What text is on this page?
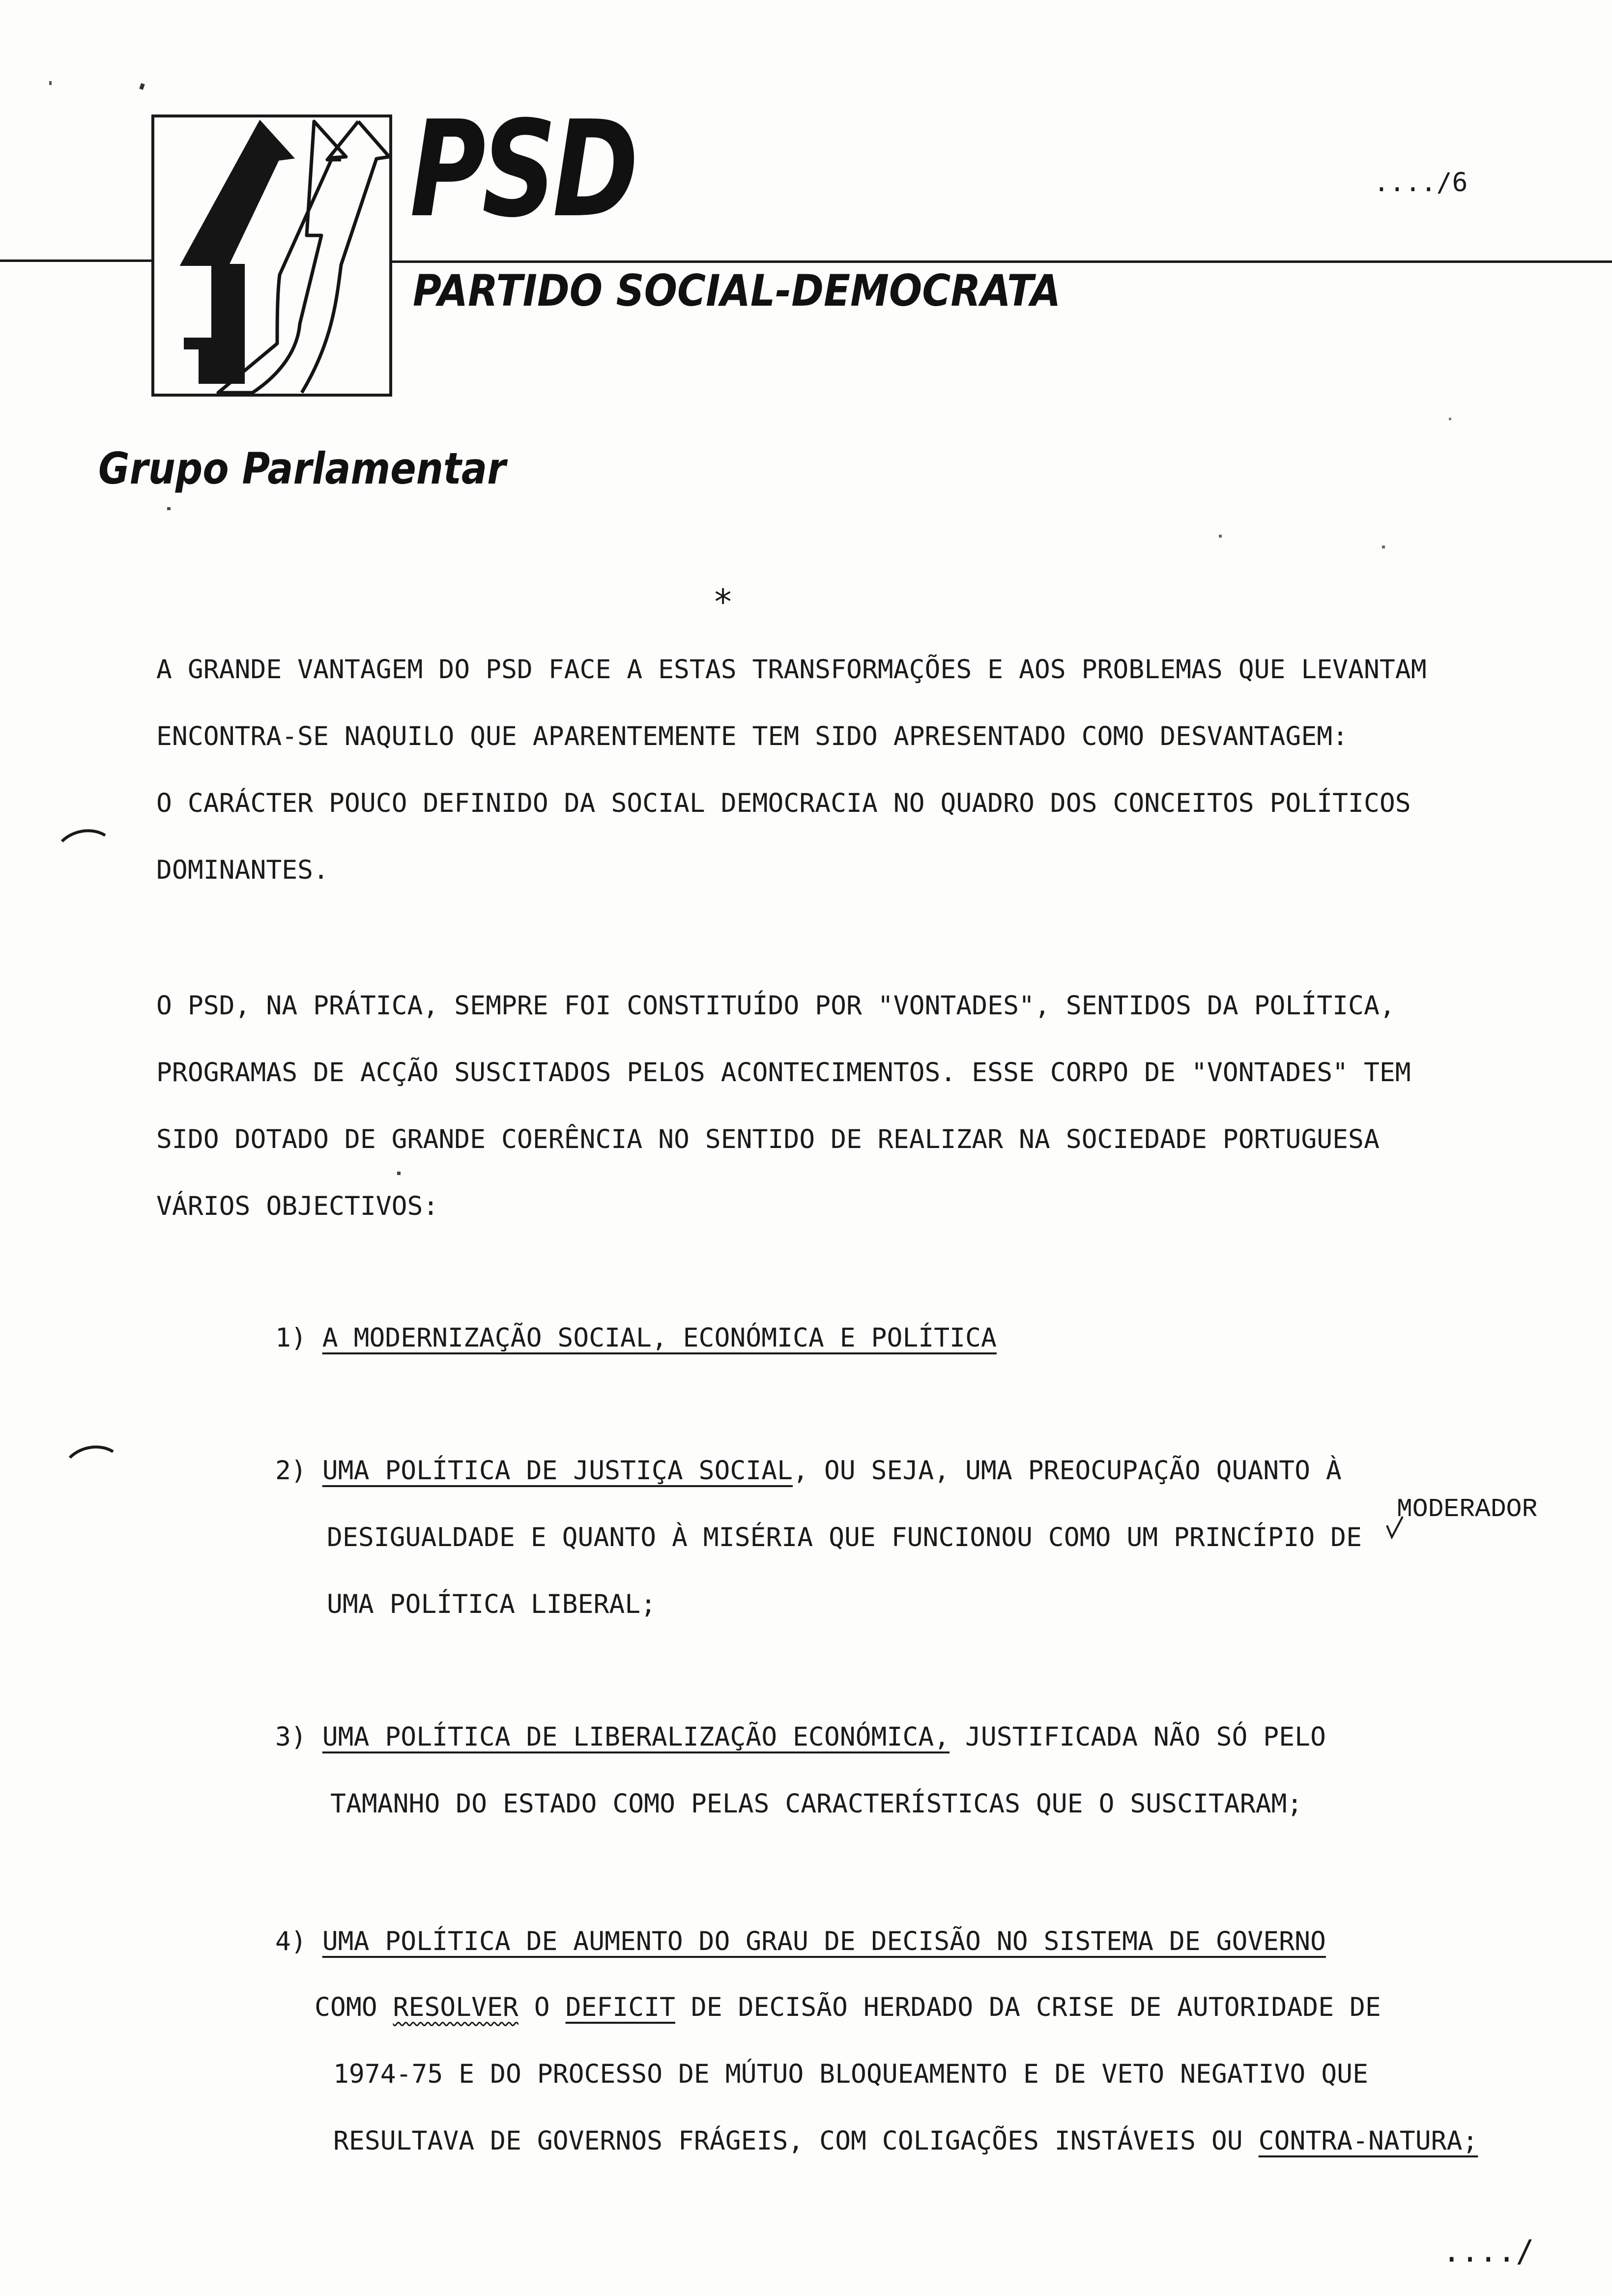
PSD
PARTIDO SOCIAL-DEMOCRATA
Grupo Parlamentar
..../6
*
A GRANDE VANTAGEM DO PSD FACE A ESTAS TRANSFORMAÇÕES E AOS PROBLEMAS QUE LEVANTAM
ENCONTRA-SE NAQUILO QUE APARENTEMENTE TEM SIDO APRESENTADO COMO DESVANTAGEM:
O CARÁCTER POUCO DEFINIDO DA SOCIAL DEMOCRACIA NO QUADRO DOS CONCEITOS POLÍTICOS
DOMINANTES.
O PSD, NA PRÁTICA, SEMPRE FOI CONSTITUÍDO POR "VONTADES", SENTIDOS DA POLÍTICA,
PROGRAMAS DE ACÇÃO SUSCITADOS PELOS ACONTECIMENTOS. ESSE CORPO DE "VONTADES" TEM
SIDO DOTADO DE GRANDE COERÊNCIA NO SENTIDO DE REALIZAR NA SOCIEDADE PORTUGUESA
VÁRIOS OBJECTIVOS:
1) A MODERNIZAÇÃO SOCIAL, ECONÓMICA E POLÍTICA
2) UMA POLÍTICA DE JUSTIÇA SOCIAL, OU SEJA, UMA PREOCUPAÇÃO QUANTO À
MODERADOR
DESIGUALDADE E QUANTO À MISÉRIA QUE FUNCIONOU COMO UM PRINCÍPIO DE
UMA POLÍTICA LIBERAL;
3) UMA POLÍTICA DE LIBERALIZAÇÃO ECONÓMICA, JUSTIFICADA NÃO SÓ PELO
TAMANHO DO ESTADO COMO PELAS CARACTERÍSTICAS QUE O SUSCITARAM;
4) UMA POLÍTICA DE AUMENTO DO GRAU DE DECISÃO NO SISTEMA DE GOVERNO
COMO RESOLVER O DEFICIT DE DECISÃO HERDADO DA CRISE DE AUTORIDADE DE
1974-75 E DO PROCESSO DE MÚTUO BLOQUEAMENTO E DE VETO NEGATIVO QUE
RESULTAVA DE GOVERNOS FRÁGEIS, COM COLIGAÇÕES INSTÁVEIS OU CONTRA-NATURA;
..../
